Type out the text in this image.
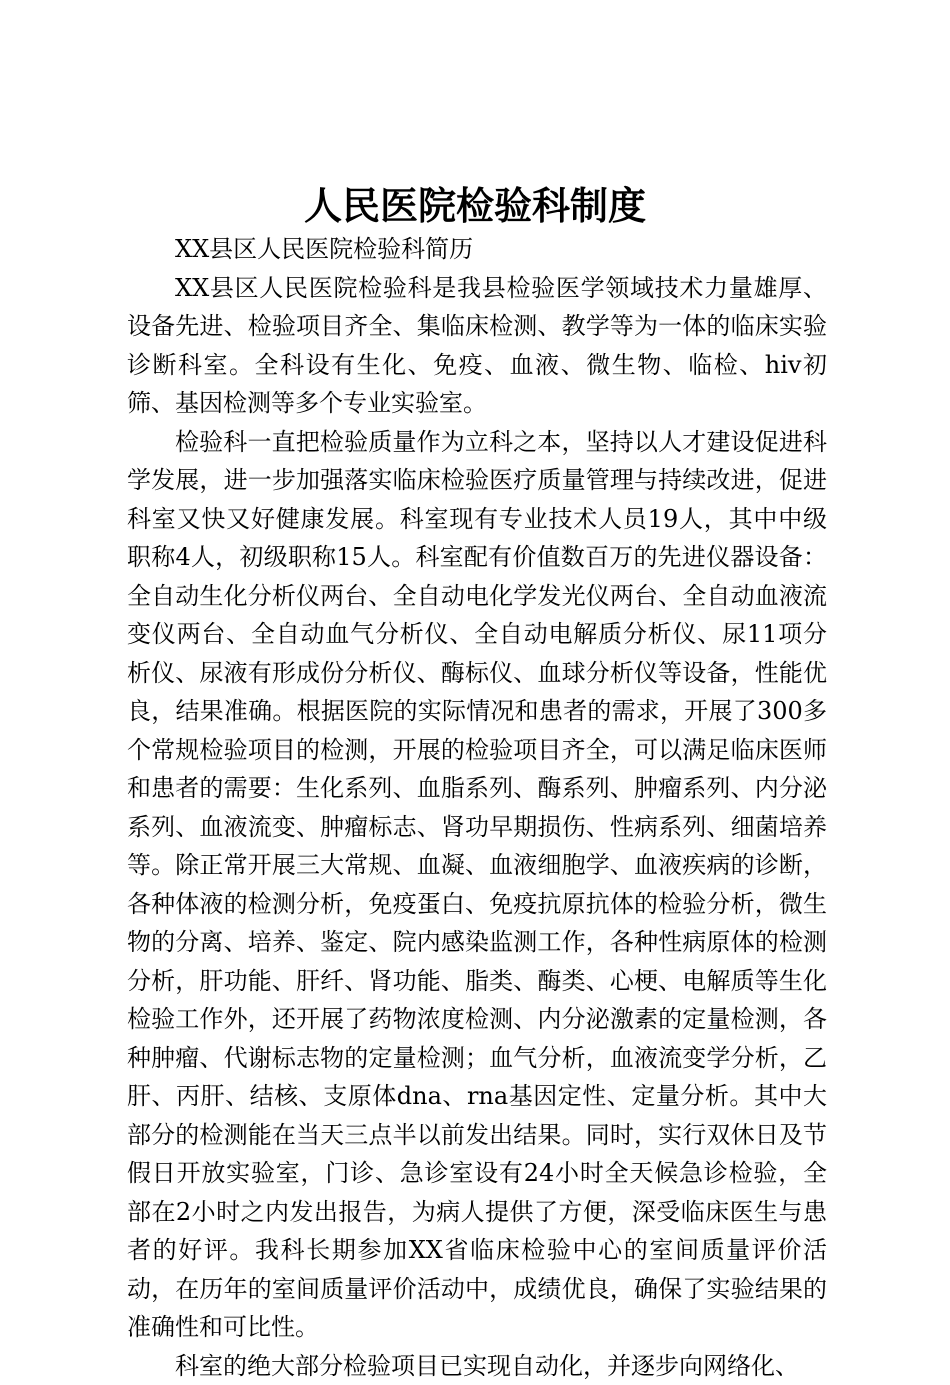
人民医院检验科制度

XX县区人民医院检验科简历

XX县区人民医院检验科是我县检验医学领域技术力量雄厚、设备先进、检验项目齐全、集临床检测、教学等为一体的临床实验诊断科室。全科设有生化、免疫、血液、微生物、临检、hiv初筛、基因检测等多个专业实验室。

检验科一直把检验质量作为立科之本，坚持以人才建设促进科学发展，进一步加强落实临床检验医疗质量管理与持续改进，促进科室又快又好健康发展。科室现有专业技术人员19人，其中中级职称4人，初级职称15人。科室配有价值数百万的先进仪器设备：全自动生化分析仪两台、全自动电化学发光仪两台、全自动血液流变仪两台、全自动血气分析仪、全自动电解质分析仪、尿11项分析仪、尿液有形成份分析仪、酶标仪、血球分析仪等设备，性能优良，结果准确。根据医院的实际情况和患者的需求，开展了300多个常规检验项目的检测，开展的检验项目齐全，可以满足临床医师和患者的需要：生化系列、血脂系列、酶系列、肿瘤系列、内分泌系列、血液流变、肿瘤标志、肾功早期损伤、性病系列、细菌培养等。除正常开展三大常规、血凝、血液细胞学、血液疾病的诊断，各种体液的检测分析，免疫蛋白、免疫抗原抗体的检验分析，微生物的分离、培养、鉴定、院内感染监测工作，各种性病原体的检测分析，肝功能、肝纤、肾功能、脂类、酶类、心梗、电解质等生化检验工作外，还开展了药物浓度检测、内分泌激素的定量检测，各种肿瘤、代谢标志物的定量检测；血气分析，血液流变学分析，乙肝、丙肝、结核、支原体dna、rna基因定性、定量分析。其中大部分的检测能在当天三点半以前发出结果。同时，实行双休日及节假日开放实验室，门诊、急诊室设有24小时全天候急诊检验，全部在2小时之内发出报告，为病人提供了方便，深受临床医生与患者的好评。我科长期参加XX省临床检验中心的室间质量评价活动，在历年的室间质量评价活动中，成绩优良，确保了实验结果的准确性和可比性。

科室的绝大部分检验项目已实现自动化，并逐步向网络化、
